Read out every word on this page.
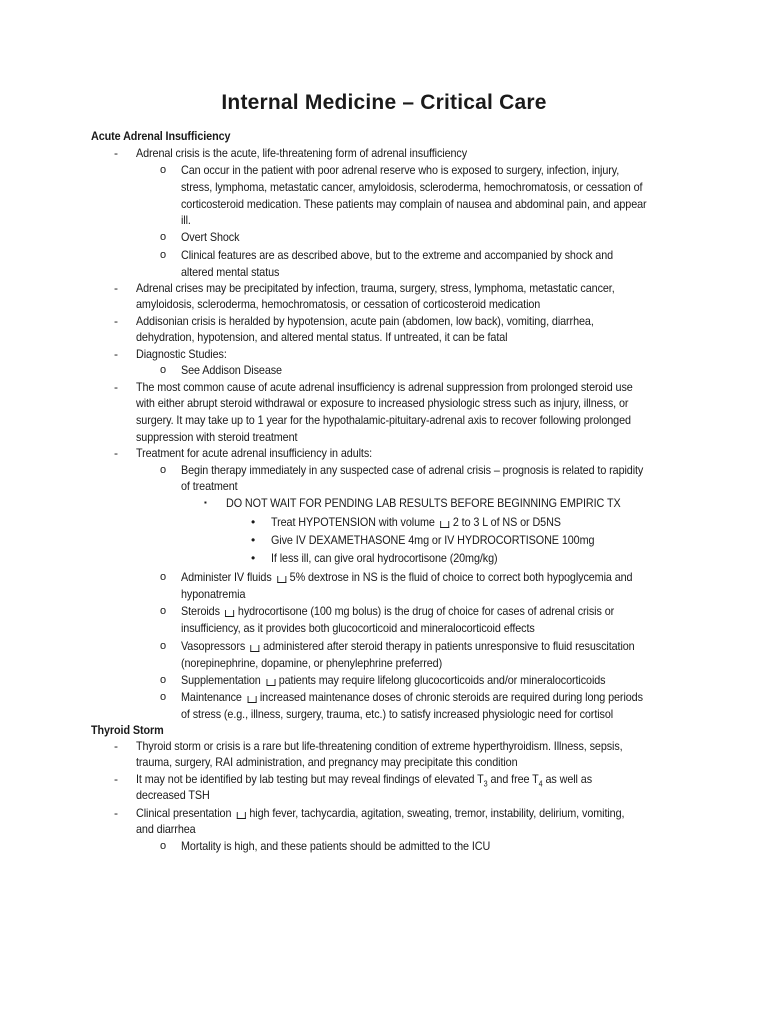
Internal Medicine – Critical Care
Acute Adrenal Insufficiency
- Adrenal crisis is the acute, life-threatening form of adrenal insufficiency
o Can occur in the patient with poor adrenal reserve who is exposed to surgery, infection, injury,
stress, lymphoma, metastatic cancer, amyloidosis, scleroderma, hemochromatosis, or cessation of
corticosteroid medication. These patients may complain of nausea and abdominal pain, and appear
ill.
o Overt Shock
o Clinical features are as described above, but to the extreme and accompanied by shock and
altered mental status
- Adrenal crises may be precipitated by infection, trauma, surgery, stress, lymphoma, metastatic cancer,
amyloidosis, scleroderma, hemochromatosis, or cessation of corticosteroid medication
- Addisonian crisis is heralded by hypotension, acute pain (abdomen, low back), vomiting, diarrhea,
dehydration, hypotension, and altered mental status. If untreated, it can be fatal
- Diagnostic Studies:
o See Addison Disease
- The most common cause of acute adrenal insufficiency is adrenal suppression from prolonged steroid use
with either abrupt steroid withdrawal or exposure to increased physiologic stress such as injury, illness, or
surgery. It may take up to 1 year for the hypothalamic-pituitary-adrenal axis to recover following prolonged
suppression with steroid treatment
- Treatment for acute adrenal insufficiency in adults:
o Begin therapy immediately in any suspected case of adrenal crisis – prognosis is related to rapidity
of treatment
▪ DO NOT WAIT FOR PENDING LAB RESULTS BEFORE BEGINNING EMPIRIC TX
• Treat HYPOTENSION with volume 2 to 3 L of NS or D5NS
• Give IV DEXAMETHASONE 4mg or IV HYDROCORTISONE 100mg
• If less ill, can give oral hydrocortisone (20mg/kg)
o Administer IV fluids 5% dextrose in NS is the fluid of choice to correct both hypoglycemia and
hyponatremia
o Steroids hydrocortisone (100 mg bolus) is the drug of choice for cases of adrenal crisis or
insufficiency, as it provides both glucocorticoid and mineralocorticoid effects
o Vasopressors administered after steroid therapy in patients unresponsive to fluid resuscitation
(norepinephrine, dopamine, or phenylephrine preferred)
o Supplementation patients may require lifelong glucocorticoids and/or mineralocorticoids
o Maintenance increased maintenance doses of chronic steroids are required during long periods
of stress (e.g., illness, surgery, trauma, etc.) to satisfy increased physiologic need for cortisol
Thyroid Storm
- Thyroid storm or crisis is a rare but life-threatening condition of extreme hyperthyroidism. Illness, sepsis,
trauma, surgery, RAI administration, and pregnancy may precipitate this condition
- It may not be identified by lab testing but may reveal findings of elevated $T_3$ and free $T_4$ as well as
decreased TSH
- Clinical presentation high fever, tachycardia, agitation, sweating, tremor, instability, delirium, vomiting,
and diarrhea
o Mortality is high, and these patients should be admitted to the ICU
